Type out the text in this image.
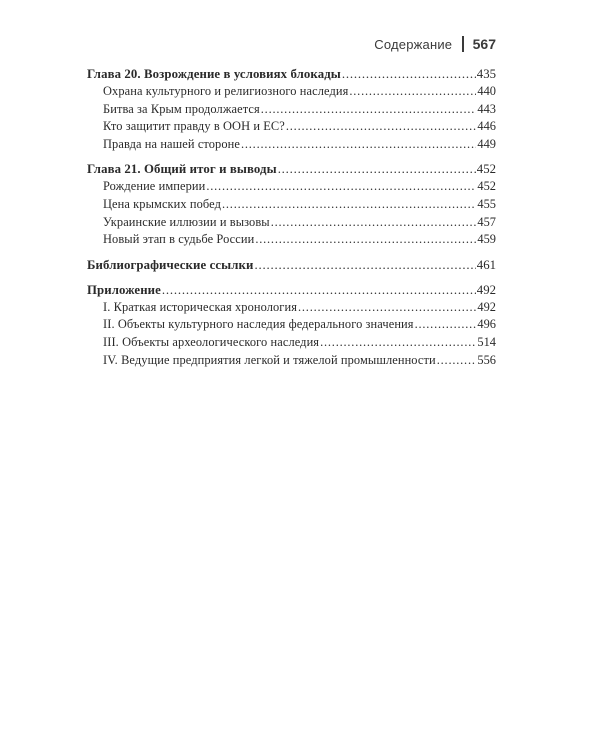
Содержание 567
Глава 20. Возрождение в условиях блокады .....	435
Охрана культурного и религиозного наследия .....	440
Битва за Крым продолжается .....	443
Кто защитит правду в ООН и ЕС? .....	446
Правда на нашей стороне .....	449
Глава 21. Общий итог и выводы .....	452
Рождение империи .....	452
Цена крымских побед .....	455
Украинские иллюзии и вызовы .....	457
Новый этап в судьбе России .....	459
Библиографические ссылки .....	461
Приложение .....	492
I. Краткая историческая хронология .....	492
II. Объекты культурного наследия федерального значения .....	496
III. Объекты археологического наследия .....	514
IV. Ведущие предприятия легкой и тяжелой промышленности .....	556
